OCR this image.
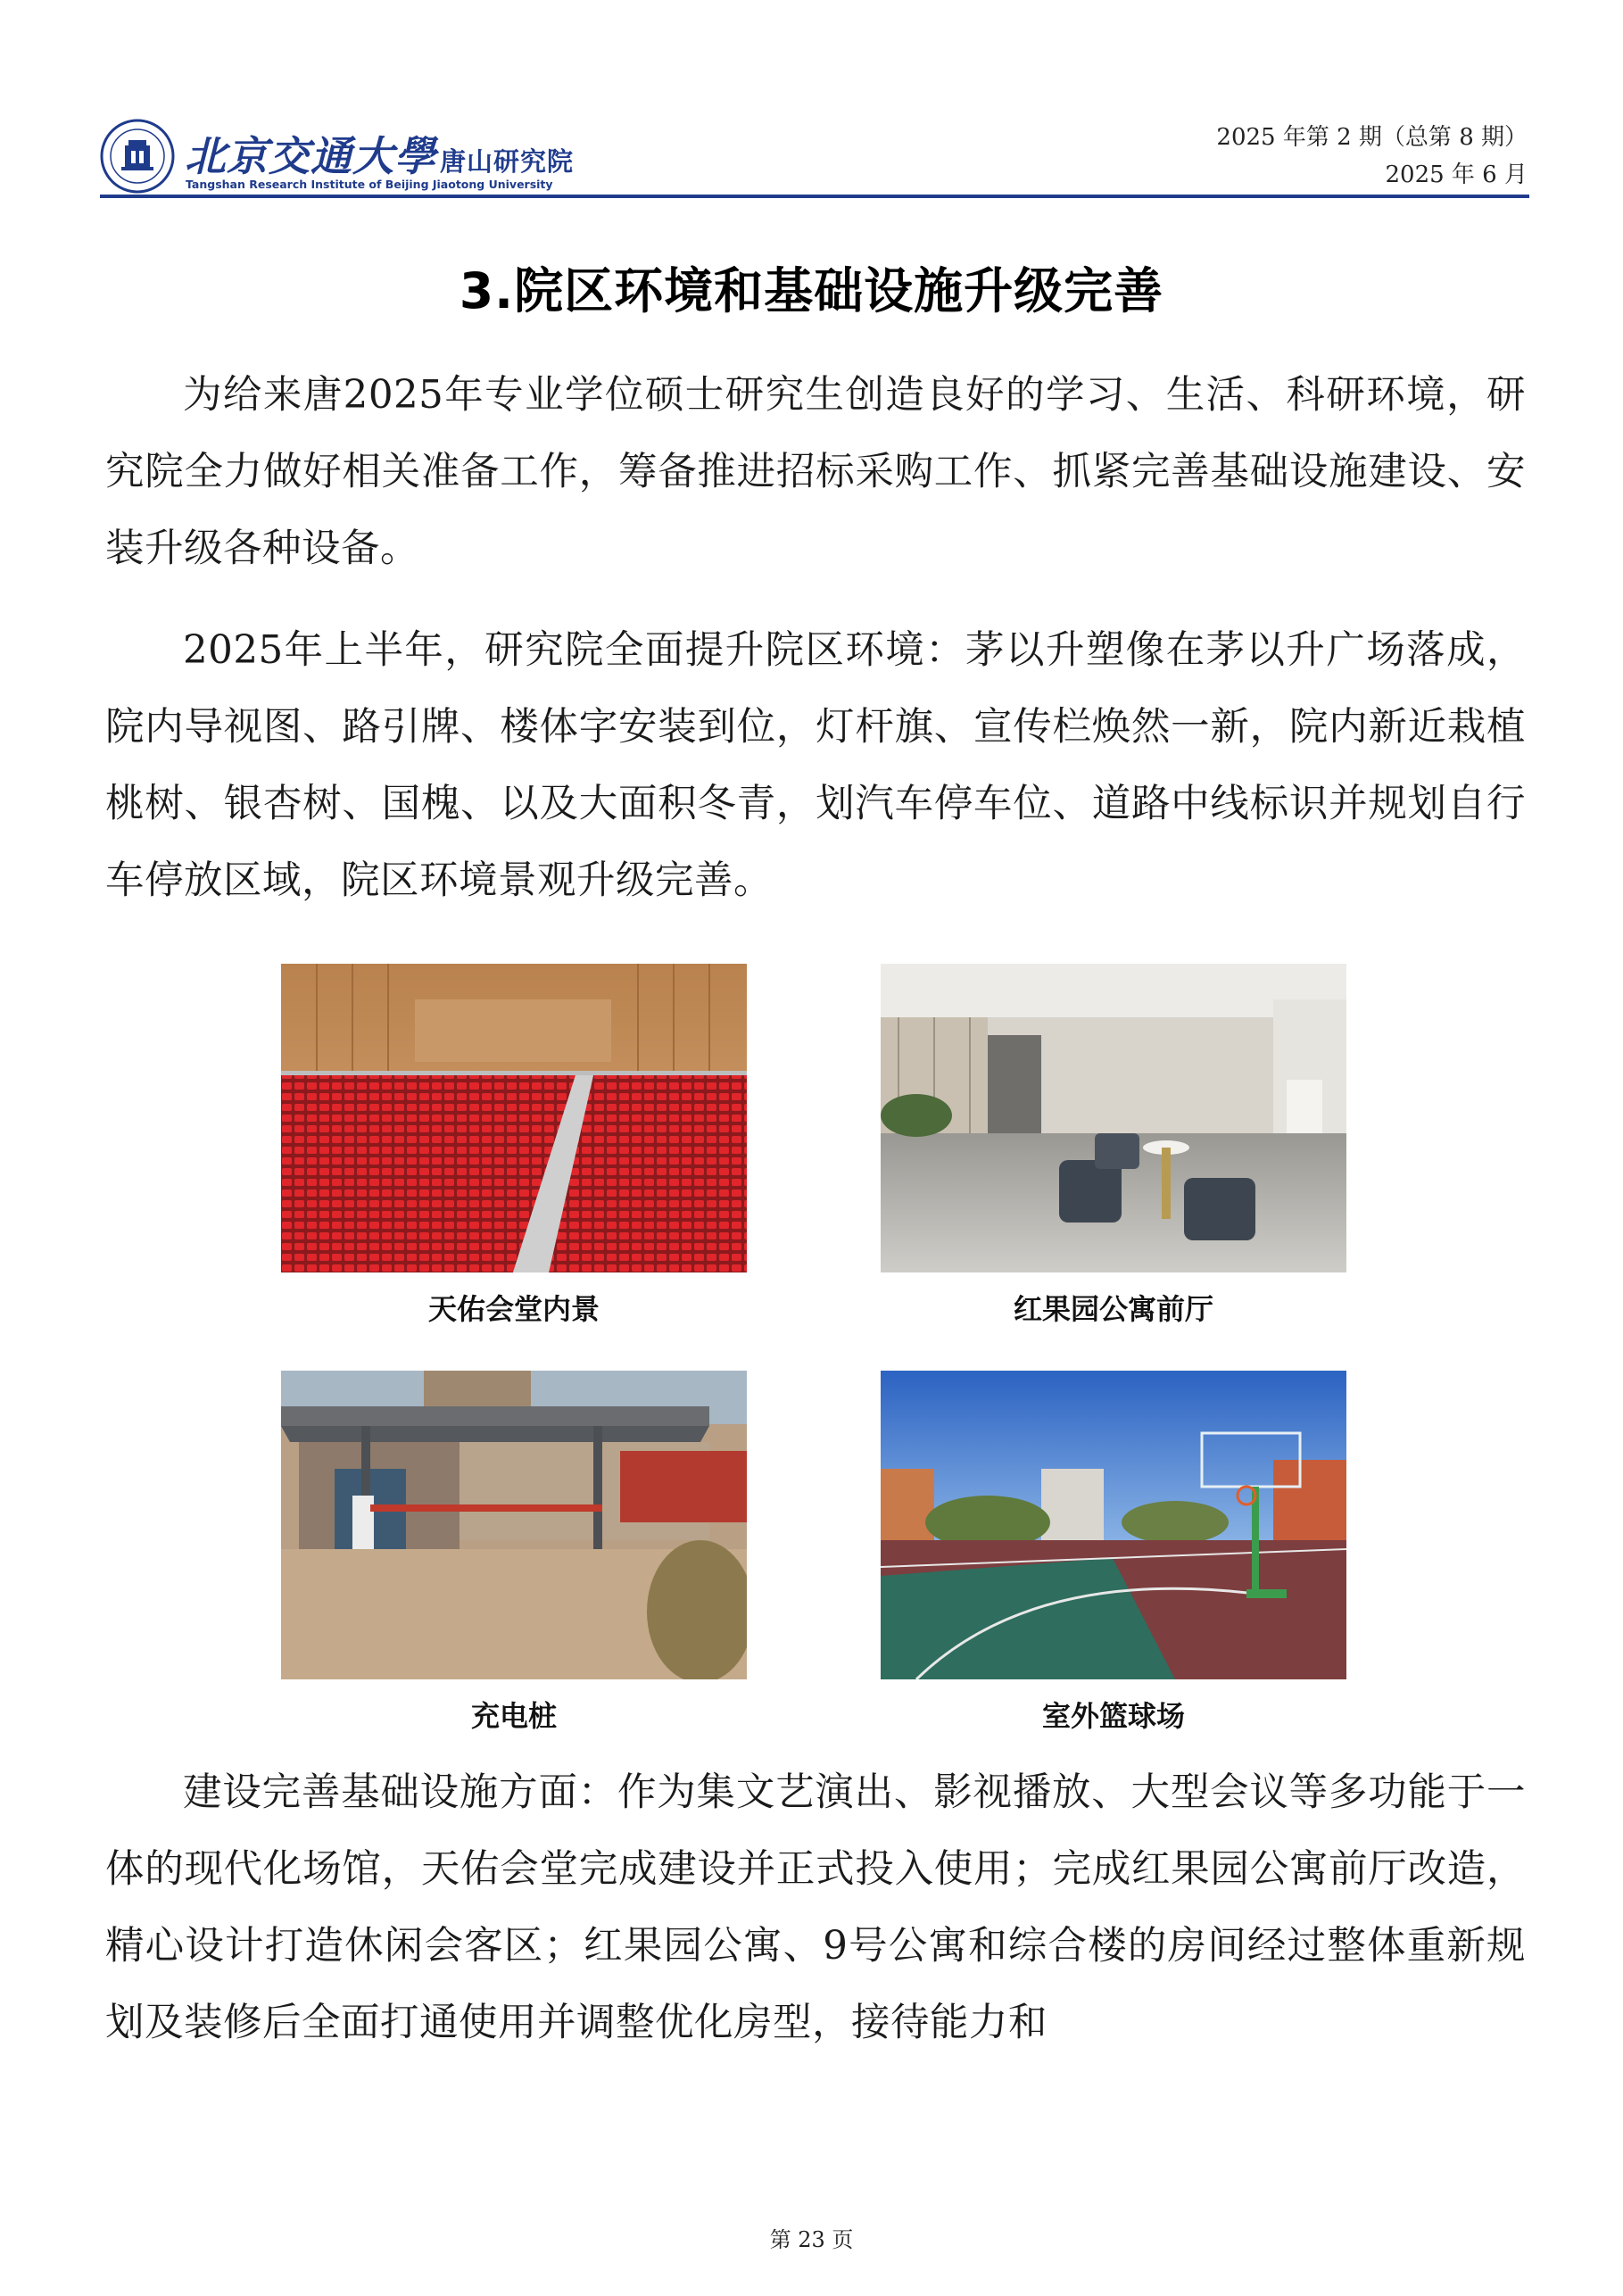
北京交通大學 唐山研究院
Tangshan Research Institute of Beijing Jiaotong University
2025 年第 2 期（总第 8 期）
2025 年 6 月
3.院区环境和基础设施升级完善
为给来唐2025年专业学位硕士研究生创造良好的学习、生活、科研环境，研究院全力做好相关准备工作，筹备推进招标采购工作、抓紧完善基础设施建设、安装升级各种设备。
2025年上半年，研究院全面提升院区环境：茅以升塑像在茅以升广场落成，院内导视图、路引牌、楼体字安装到位，灯杆旗、宣传栏焕然一新，院内新近栽植桃树、银杏树、国槐、以及大面积冬青，划汽车停车位、道路中线标识并规划自行车停放区域，院区环境景观升级完善。
天佑会堂内景	红果园公寓前厅
充电桩	室外篮球场
建设完善基础设施方面：作为集文艺演出、影视播放、大型会议等多功能于一体的现代化场馆，天佑会堂完成建设并正式投入使用；完成红果园公寓前厅改造，精心设计打造休闲会客区；红果园公寓、9号公寓和综合楼的房间经过整体重新规划及装修后全面打通使用并调整优化房型，接待能力和
第 23 页
